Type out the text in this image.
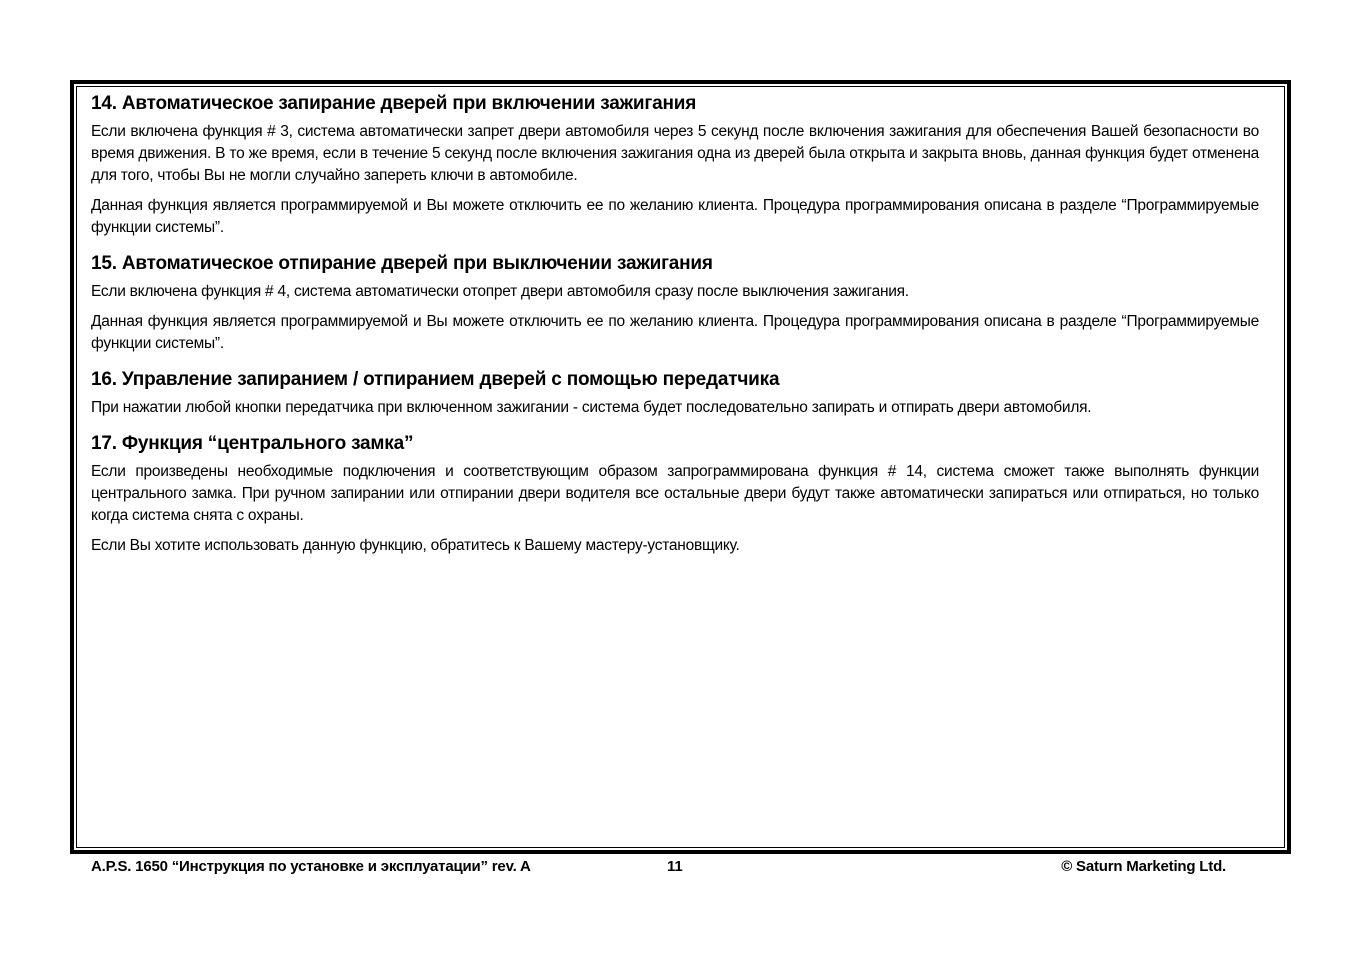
14. Автоматическое запирание дверей при включении зажигания

Если включена функция # 3, система автоматически запрет двери автомобиля через 5 секунд после включения зажигания для обеспечения Вашей безопасности во время движения. В то же время, если в течение 5 секунд после включения зажигания одна из дверей была открыта и закрыта вновь, данная функция будет отменена для того, чтобы Вы не могли случайно запереть ключи в автомобиле.

Данная функция является программируемой и Вы можете отключить ее по желанию клиента. Процедура программирования описана в разделе “Программируемые функции системы”.

15. Автоматическое отпирание дверей при выключении зажигания

Если включена функция # 4, система автоматически отопрет двери автомобиля сразу после выключения зажигания.

Данная функция является программируемой и Вы можете отключить ее по желанию клиента. Процедура программирования описана в разделе “Программируемые функции системы”.

16. Управление запиранием / отпиранием дверей с помощью передатчика

При нажатии любой кнопки передатчика при включенном зажигании - система будет последовательно запирать и отпирать двери автомобиля.

17. Функция “центрального замка”

Если произведены необходимые подключения и соответствующим образом запрограммирована функция # 14, система сможет также выполнять функции центрального замка. При ручном запирании или отпирании двери водителя все остальные двери будут также автоматически запираться или отпираться, но только когда система снята с охраны.

Если Вы хотите использовать данную функцию, обратитесь к Вашему мастеру-установщику.

A.P.S. 1650 “Инструкция по установке и эксплуатации” rev. A	11	© Saturn Marketing Ltd.
